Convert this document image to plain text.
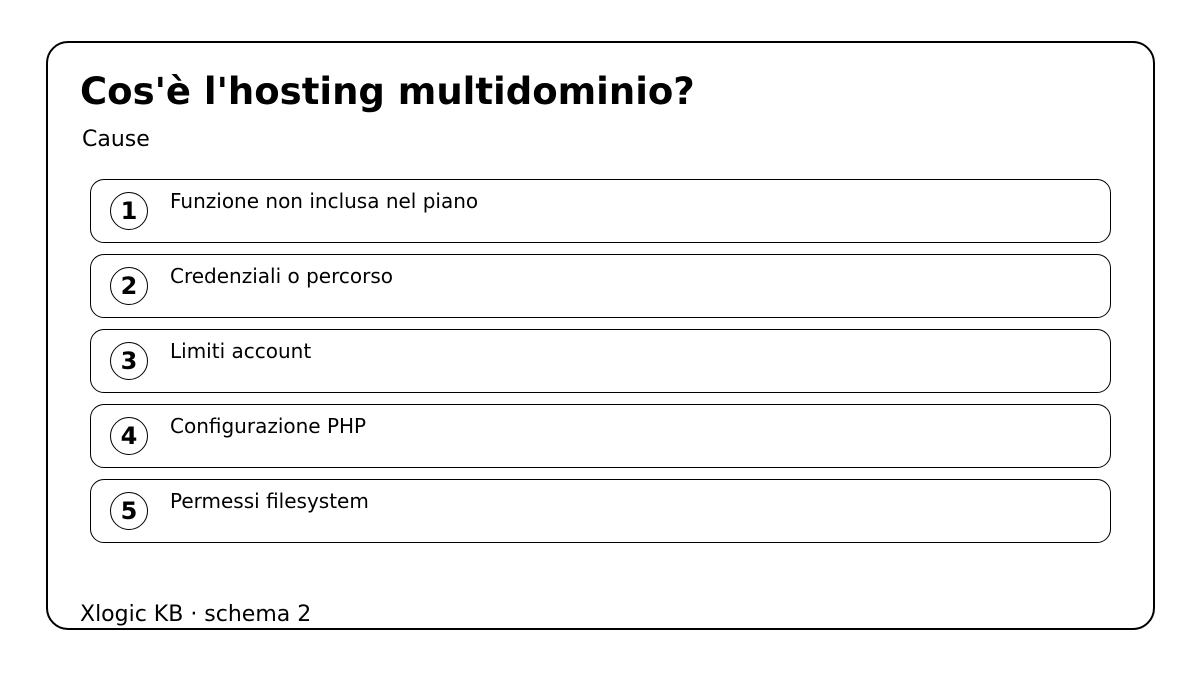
Cos'è l'hosting multidominio?
Cause
1	Funzione non inclusa nel piano
2	Credenziali o percorso
3	Limiti account
4	Configurazione PHP
5	Permessi filesystem
Xlogic KB · schema 2
